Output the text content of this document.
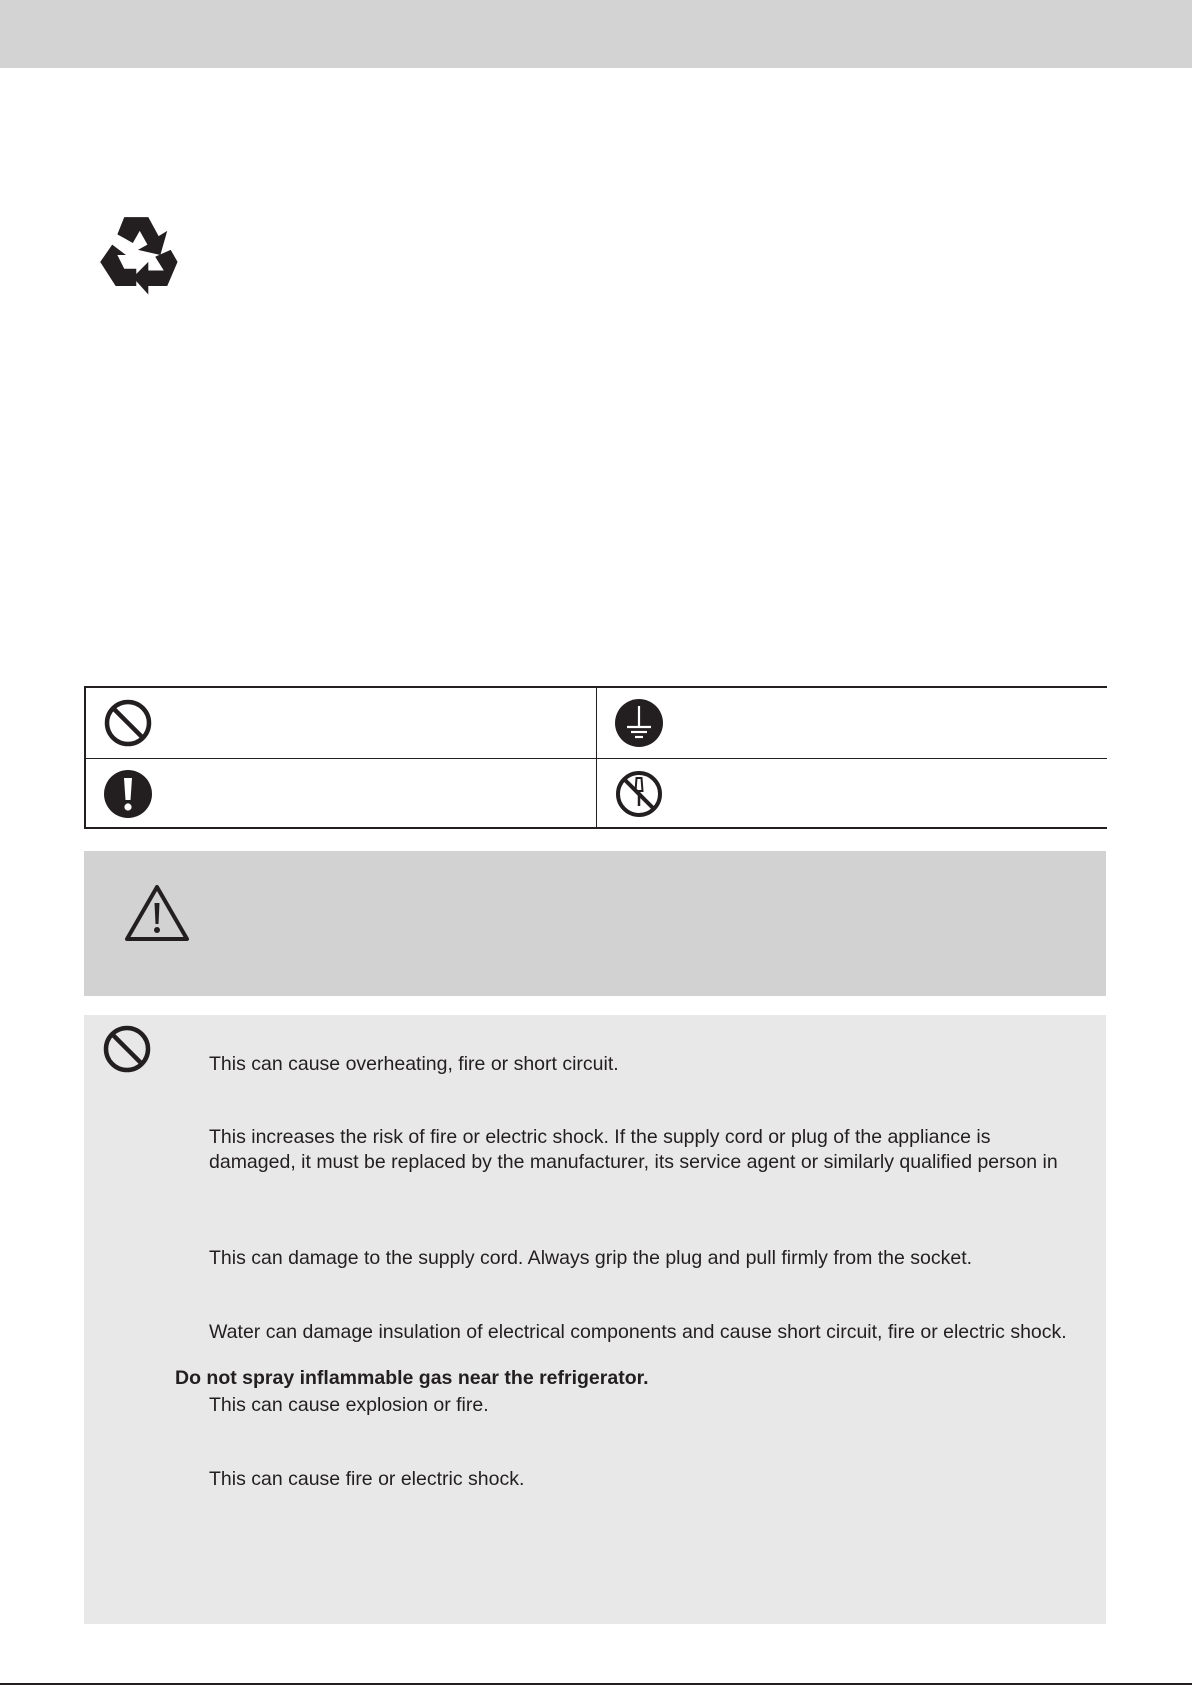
This can cause overheating, fire or short circuit.
This increases the risk of fire or electric shock. If the supply cord or plug of the appliance is
damaged, it must be replaced by the manufacturer, its service agent or similarly qualified person in
This can damage to the supply cord. Always grip the plug and pull firmly from the socket.
Water can damage insulation of electrical components and cause short circuit, fire or electric shock.
Do not spray inflammable gas near the refrigerator.
This can cause explosion or fire.
This can cause fire or electric shock.
